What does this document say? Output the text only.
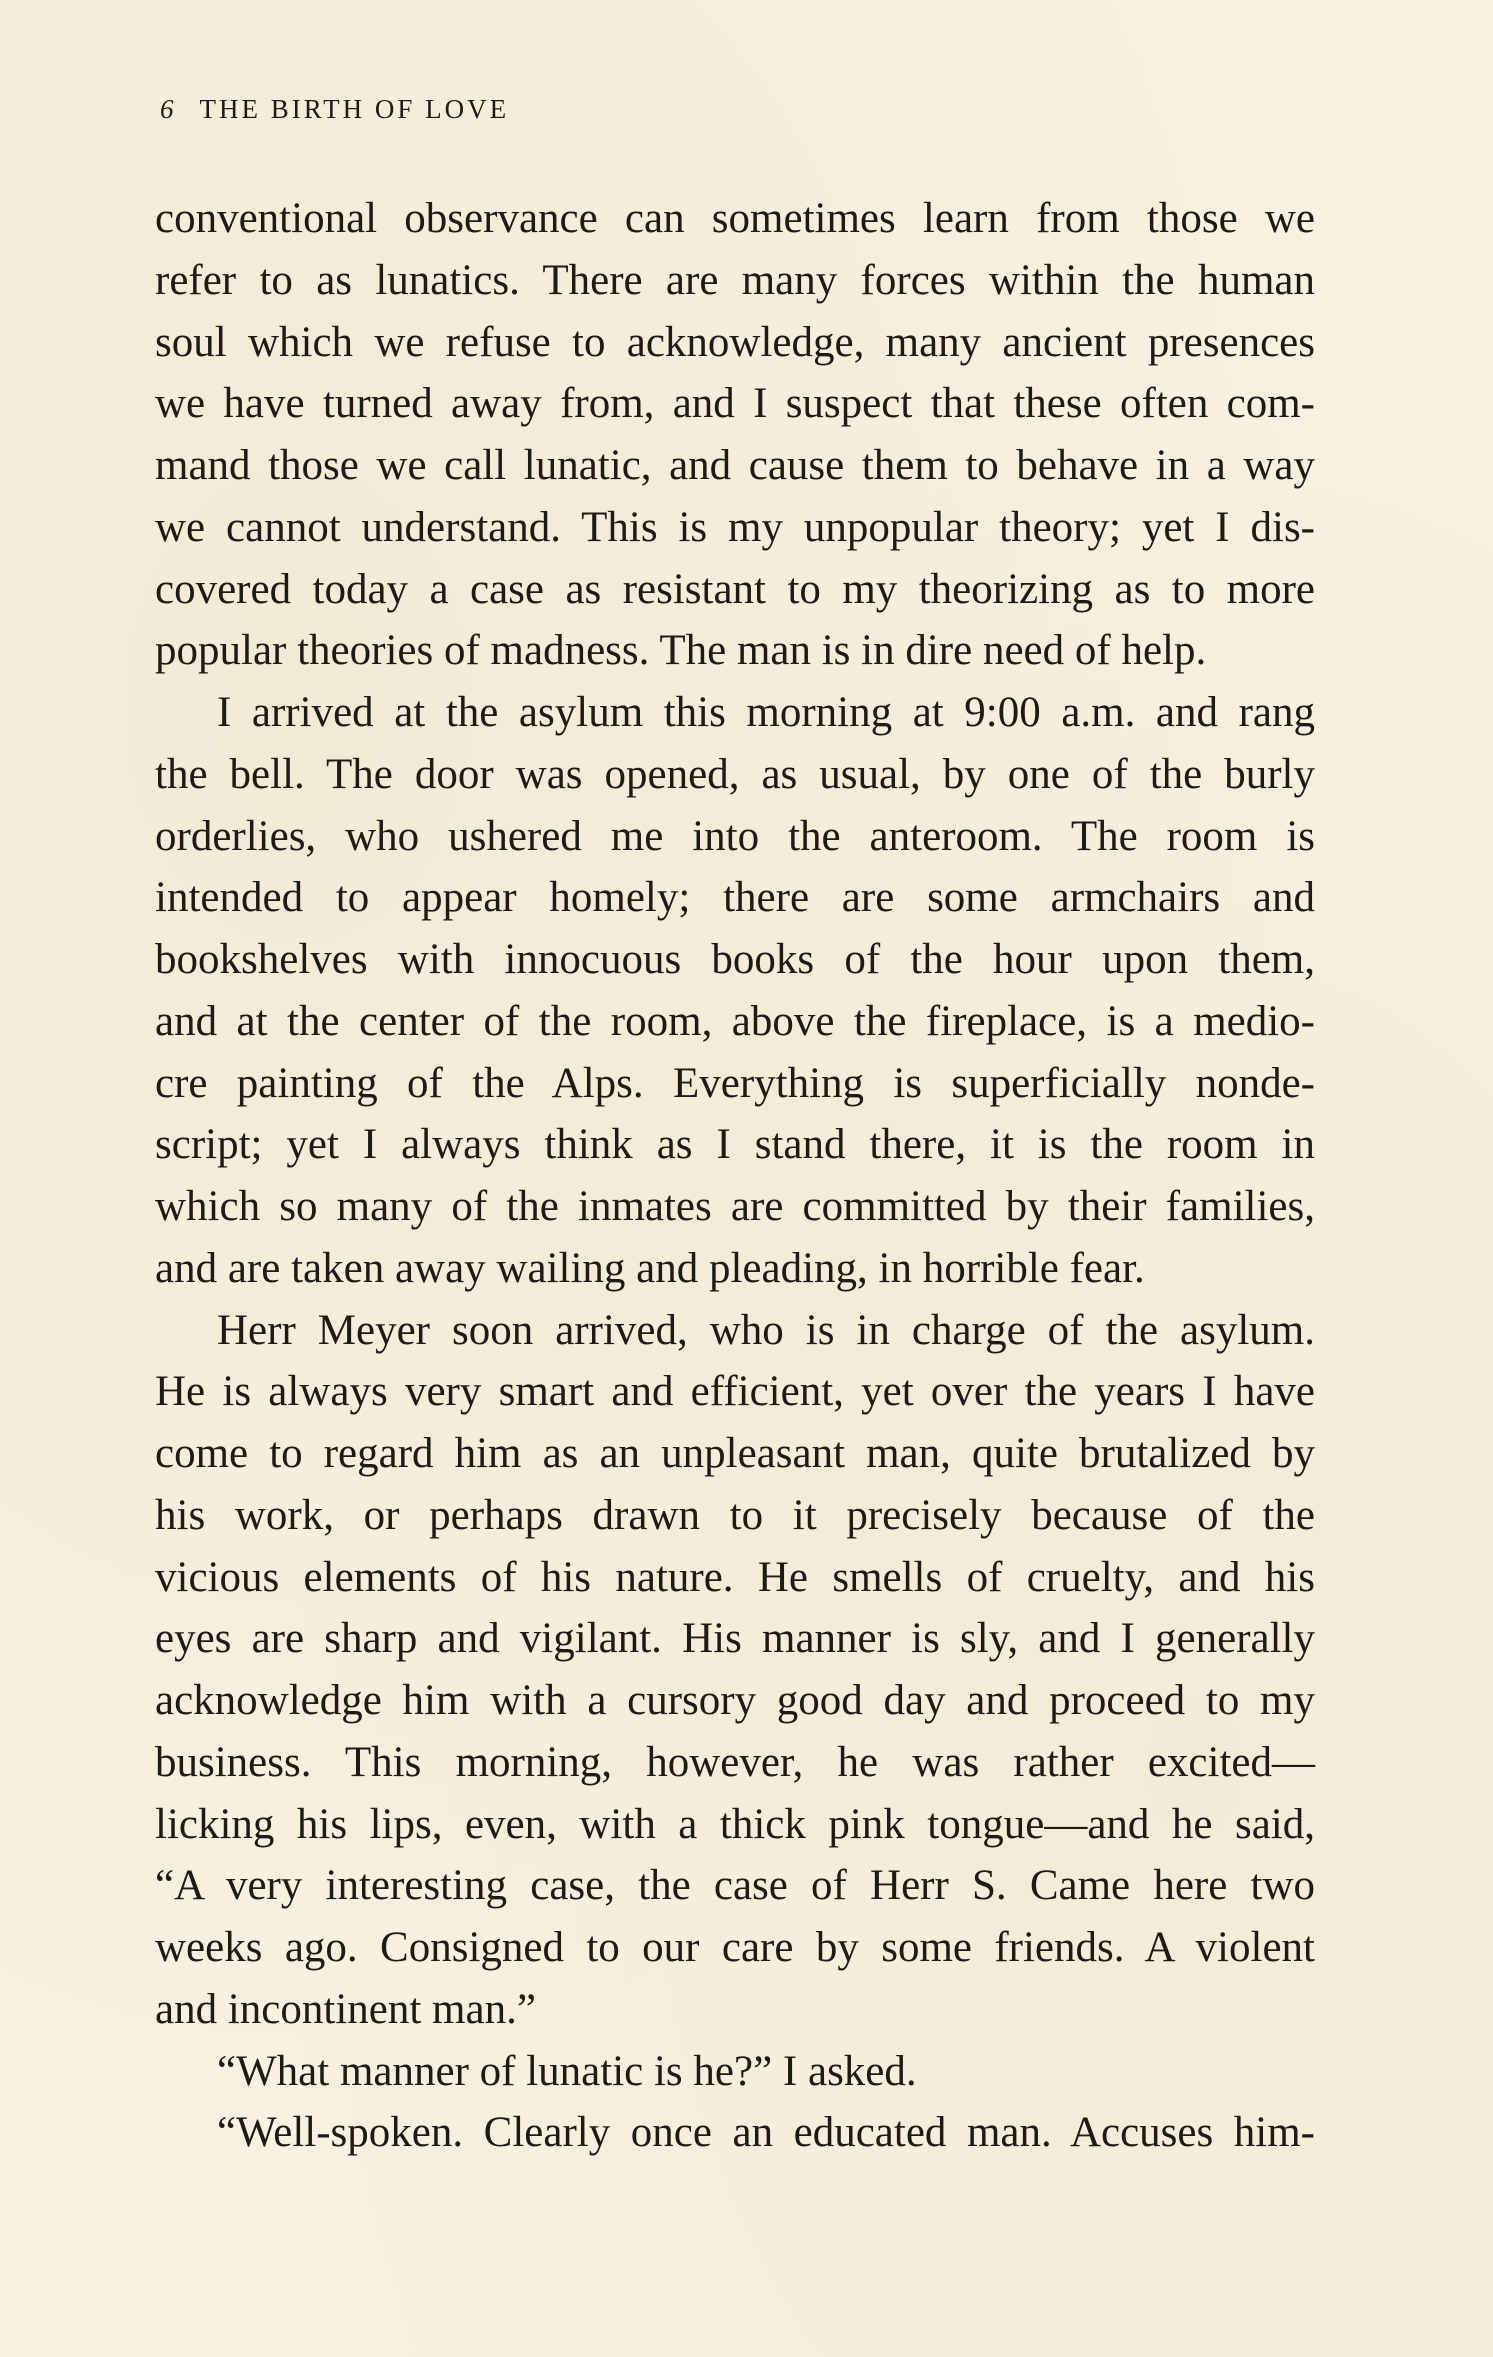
6 THE BIRTH OF LOVE
conventional observance can sometimes learn from those we
refer to as lunatics. There are many forces within the human
soul which we refuse to acknowledge, many ancient presences
we have turned away from, and I suspect that these often com-
mand those we call lunatic, and cause them to behave in a way
we cannot understand. This is my unpopular theory; yet I dis-
covered today a case as resistant to my theorizing as to more
popular theories of madness. The man is in dire need of help.
I arrived at the asylum this morning at 9:00 a.m. and rang
the bell. The door was opened, as usual, by one of the burly
orderlies, who ushered me into the anteroom. The room is
intended to appear homely; there are some armchairs and
bookshelves with innocuous books of the hour upon them,
and at the center of the room, above the fireplace, is a medio-
cre painting of the Alps. Everything is superficially nonde-
script; yet I always think as I stand there, it is the room in
which so many of the inmates are committed by their families,
and are taken away wailing and pleading, in horrible fear.
Herr Meyer soon arrived, who is in charge of the asylum.
He is always very smart and efficient, yet over the years I have
come to regard him as an unpleasant man, quite brutalized by
his work, or perhaps drawn to it precisely because of the
vicious elements of his nature. He smells of cruelty, and his
eyes are sharp and vigilant. His manner is sly, and I generally
acknowledge him with a cursory good day and proceed to my
business. This morning, however, he was rather excited—
licking his lips, even, with a thick pink tongue—and he said,
“A very interesting case, the case of Herr S. Came here two
weeks ago. Consigned to our care by some friends. A violent
and incontinent man.”
“What manner of lunatic is he?” I asked.
“Well-spoken. Clearly once an educated man. Accuses him-
